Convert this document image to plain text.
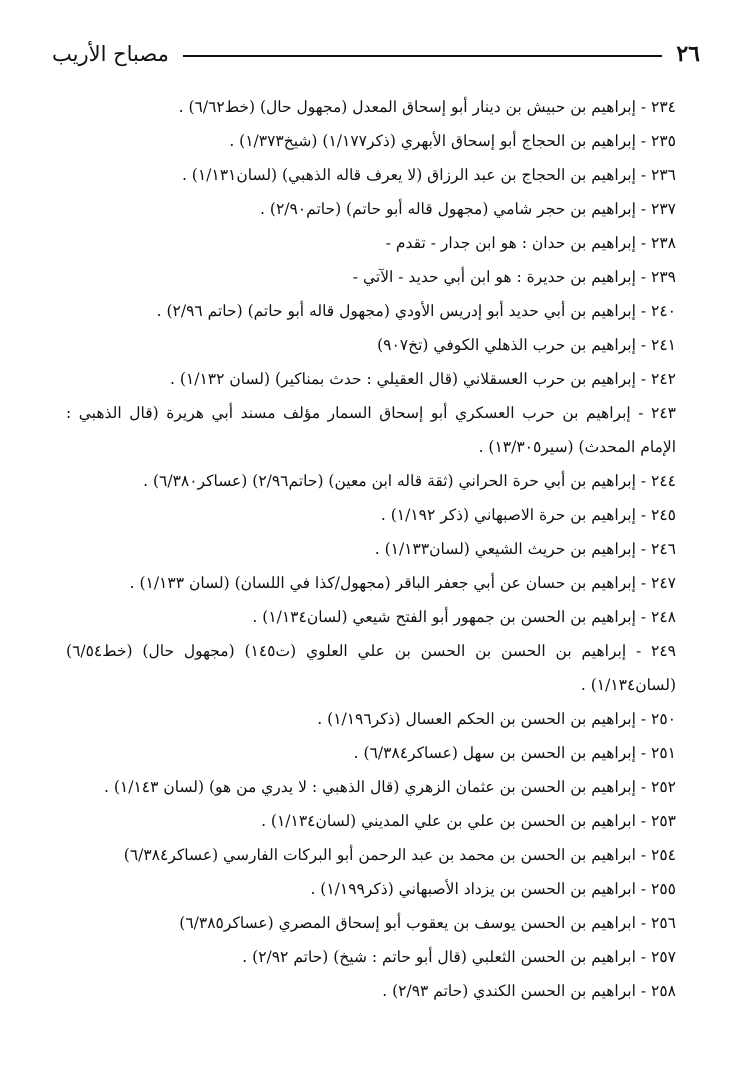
٢٦
مصباح الأريب
٢٣٤ - إبراهيم بن حبيش بن دينار أبو إسحاق المعدل (مجهول حال) (خط٦/٦٢) .
٢٣٥ - إبراهيم بن الحجاج أبو إسحاق الأبهري (ذكر١/١٧٧) (شيخ١/٣٧٣) .
٢٣٦ - إبراهيم بن الحجاج بن عبد الرزاق (لا يعرف قاله الذهبي) (لسان١/١٣١) .
٢٣٧ - إبراهيم بن حجر شامي (مجهول قاله أبو حاتم) (حاتم٢/٩٠) .
٢٣٨ - إبراهيم بن حدان : هو ابن جدار - تقدم -
٢٣٩ - إبراهيم بن حديرة : هو ابن أبي حديد - الآتي -
٢٤٠ - إبراهيم بن أبي حديد أبو إدريس الأودي (مجهول قاله أبو حاتم) (حاتم ٢/٩٦) .
٢٤١ - إبراهيم بن حرب الذهلي الكوفي (تخ٩٠٧)
٢٤٢ - إبراهيم بن حرب العسقلاني (قال العقيلي : حدث بمناكير) (لسان ١/١٣٢) .
٢٤٣ - إبراهيم بن حرب العسكري أبو إسحاق السمار مؤلف مسند أبي هريرة (قال الذهبي : الإمام المحدث) (سير١٣/٣٠٥) .
٢٤٤ - إبراهيم بن أبي حرة الحراني (ثقة قاله ابن معين) (حاتم٢/٩٦) (عساكر٦/٣٨٠) .
٢٤٥ - إبراهيم بن حرة الاصبهاني (ذكر ١/١٩٢) .
٢٤٦ - إبراهيم بن حريث الشيعي (لسان١/١٣٣) .
٢٤٧ - إبراهيم بن حسان عن أبي جعفر الباقر (مجهول/كذا في اللسان) (لسان ١/١٣٣) .
٢٤٨ - إبراهيم بن الحسن بن جمهور أبو الفتح شيعي (لسان١/١٣٤) .
٢٤٩ - إبراهيم بن الحسن بن الحسن بن علي العلوي (ت١٤٥) (مجهول حال) (خط٦/٥٤) (لسان١/١٣٤) .
٢٥٠ - إبراهيم بن الحسن بن الحكم العسال (ذكر١/١٩٦) .
٢٥١ - إبراهيم بن الحسن بن سهل (عساكر٦/٣٨٤) .
٢٥٢ - إبراهيم بن الحسن بن عثمان الزهري (قال الذهبي : لا يدري من هو) (لسان ١/١٤٣) .
٢٥٣ - ابراهيم بن الحسن بن علي بن علي المديني (لسان١/١٣٤) .
٢٥٤ - ابراهيم بن الحسن بن محمد بن عبد الرحمن أبو البركات الفارسي (عساكر٦/٣٨٤)
٢٥٥ - ابراهيم بن الحسن بن يزداد الأصبهاني (ذكر١/١٩٩) .
٢٥٦ - ابراهيم بن الحسن يوسف بن يعقوب أبو إسحاق المصري (عساكر٦/٣٨٥)
٢٥٧ - ابراهيم بن الحسن الثعلبي (قال أبو حاتم : شيخ) (حاتم ٢/٩٢) .
٢٥٨ - ابراهيم بن الحسن الكندي (حاتم ٢/٩٣) .
